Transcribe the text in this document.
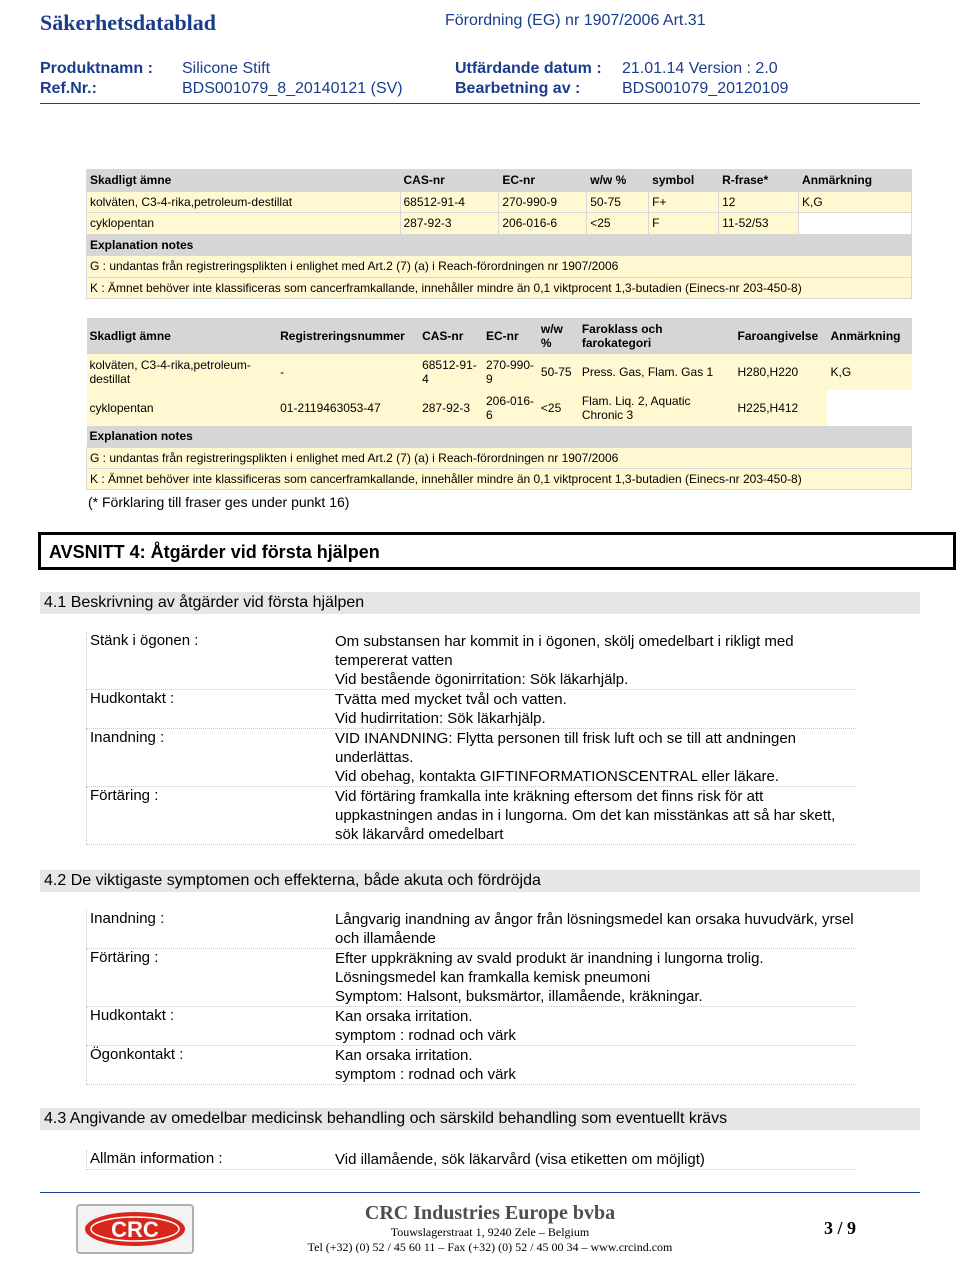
Säkerhetsdatablad	Förordning (EG) nr 1907/2006 Art.31
Produktnamn : Silicone Stift	Utfärdande datum : 21.01.14 Version : 2.0
Ref.Nr.:	BDS001079_8_20140121 (SV)	Bearbetning av :	BDS001079_20120109
Skadligt ämne	CAS-nr	EC-nr	w/w %	symbol	R-frase*	Anmärkning
kolväten, C3-4-rika,petroleum-destillat	68512-91-4	270-990-9	50-75	F+	12	K,G
cyklopentan	287-92-3	206-016-6	<25	F	11-52/53	
Explanation notes						
G : undantas från registreringsplikten i enlighet med Art.2 (7) (a) i Reach-förordningen nr 1907/2006						
K : Ämnet behöver inte klassificeras som cancerframkallande, innehåller mindre än 0,1 viktprocent 1,3-butadien (Einecs-nr 203-450-8)						
Skadligt ämne	Registreringsnummer	CAS-nr	EC-nr	w/w %	Faroklass och farokategori	Faroangivelse	Anmärkning
kolväten, C3-4-rika,petroleum-destillat	-	68512-91-4	270-990-9	50-75	Press. Gas, Flam. Gas 1	H280,H220	K,G
cyklopentan	01-2119463053-47	287-92-3	206-016-6	<25	Flam. Liq. 2, Aquatic Chronic 3	H225,H412	
Explanation notes							
G : undantas från registreringsplikten i enlighet med Art.2 (7) (a) i Reach-förordningen nr 1907/2006							
K : Ämnet behöver inte klassificeras som cancerframkallande, innehåller mindre än 0,1 viktprocent 1,3-butadien (Einecs-nr 203-450-8)							
(* Förklaring till fraser ges under punkt 16)
AVSNITT 4: Åtgärder vid första hjälpen
4.1 Beskrivning av åtgärder vid första hjälpen
Stänk i ögonen :	Om substansen har kommit in i ögonen, skölj omedelbart i rikligt med tempererat vatten
Vid bestående ögonirritation: Sök läkarhjälp.
Hudkontakt :	Tvätta med mycket tvål och vatten.
Vid hudirritation: Sök läkarhjälp.
Inandning :	VID INANDNING: Flytta personen till frisk luft och se till att andningen underlättas.
Vid obehag, kontakta GIFTINFORMATIONSCENTRAL eller läkare.
Förtäring :	Vid förtäring framkalla inte kräkning eftersom det finns risk för att uppkastningen andas in i lungorna. Om det kan misstänkas att så har skett, sök läkarvård omedelbart
4.2 De viktigaste symptomen och effekterna, både akuta och fördröjda
Inandning :	Långvarig inandning av ångor från lösningsmedel kan orsaka huvudvärk, yrsel och illamående
Förtäring :	Efter uppkräkning av svald produkt är inandning i lungorna trolig.
Lösningsmedel kan framkalla kemisk pneumoni
Symptom: Halsont, buksmärtor, illamående, kräkningar.
Hudkontakt :	Kan orsaka irritation.
symptom : rodnad och värk
Ögonkontakt :	Kan orsaka irritation.
symptom : rodnad och värk
4.3 Angivande av omedelbar medicinsk behandling och särskild behandling som eventuellt krävs
Allmän information :	Vid illamående, sök läkarvård (visa etiketten om möjligt)
CRC
CRC Industries Europe bvba
Touwslagerstraat 1, 9240 Zele – Belgium
Tel (+32) (0) 52 / 45 60 11 – Fax (+32) (0) 52 / 45 00 34 – www.crcind.com
3 / 9
